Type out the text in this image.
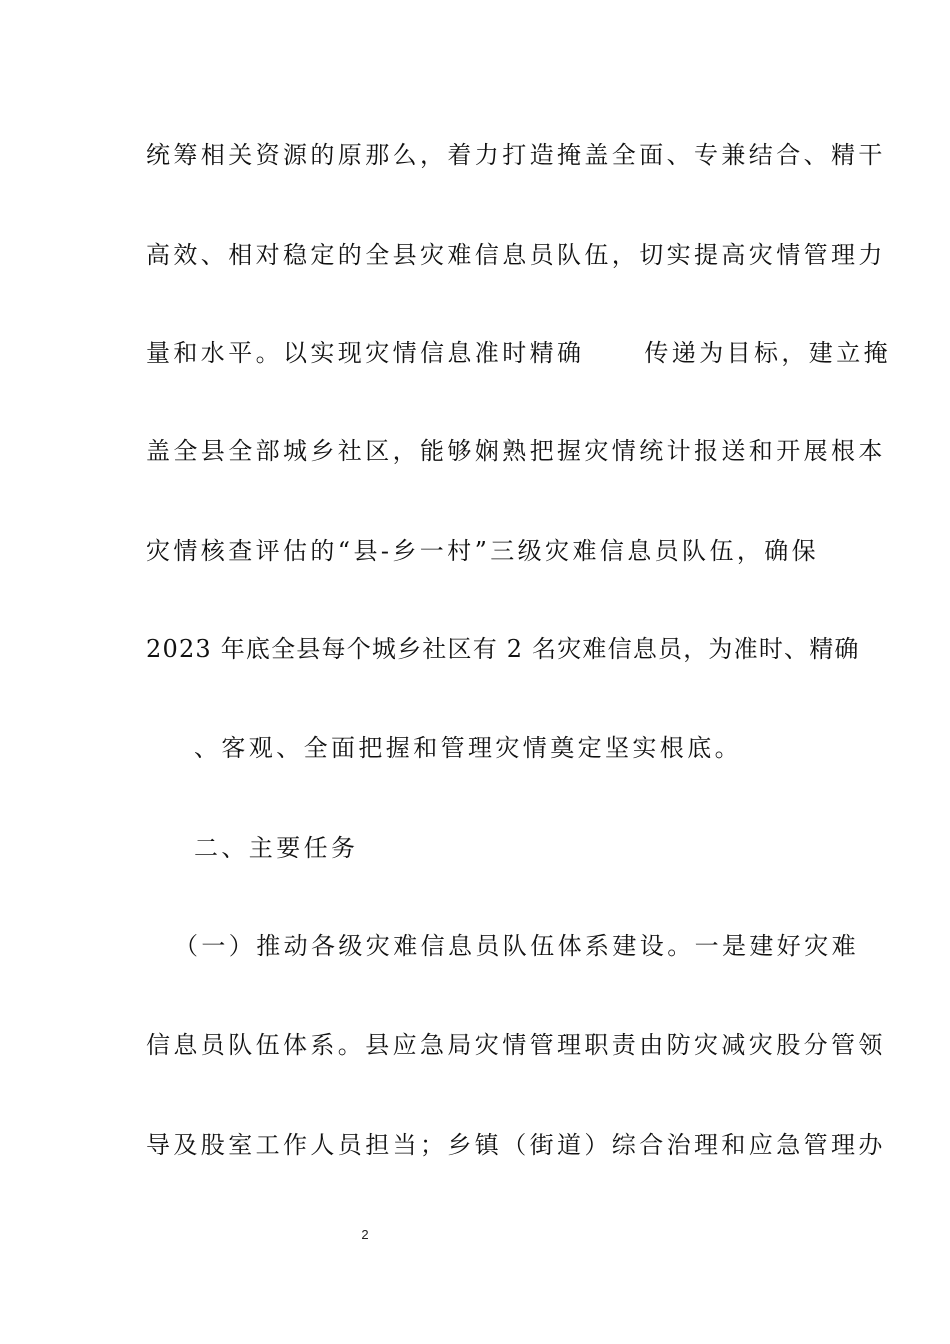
统筹相关资源的原那么，着力打造掩盖全面、专兼结合、精干
高效、相对稳定的全县灾难信息员队伍，切实提高灾情管理力
量和水平。以实现灾情信息准时精确	传递为目标，建立掩
盖全县全部城乡社区，能够娴熟把握灾情统计报送和开展根本
灾情核查评估的“县-乡一村”三级灾难信息员队伍，确保
2023 年底全县每个城乡社区有 2 名灾难信息员，为准时、精确
、客观、全面把握和管理灾情奠定坚实根底。
二、主要任务
（一）推动各级灾难信息员队伍体系建设。一是建好灾难
信息员队伍体系。县应急局灾情管理职责由防灾减灾股分管领
导及股室工作人员担当；乡镇（街道）综合治理和应急管理办
2
